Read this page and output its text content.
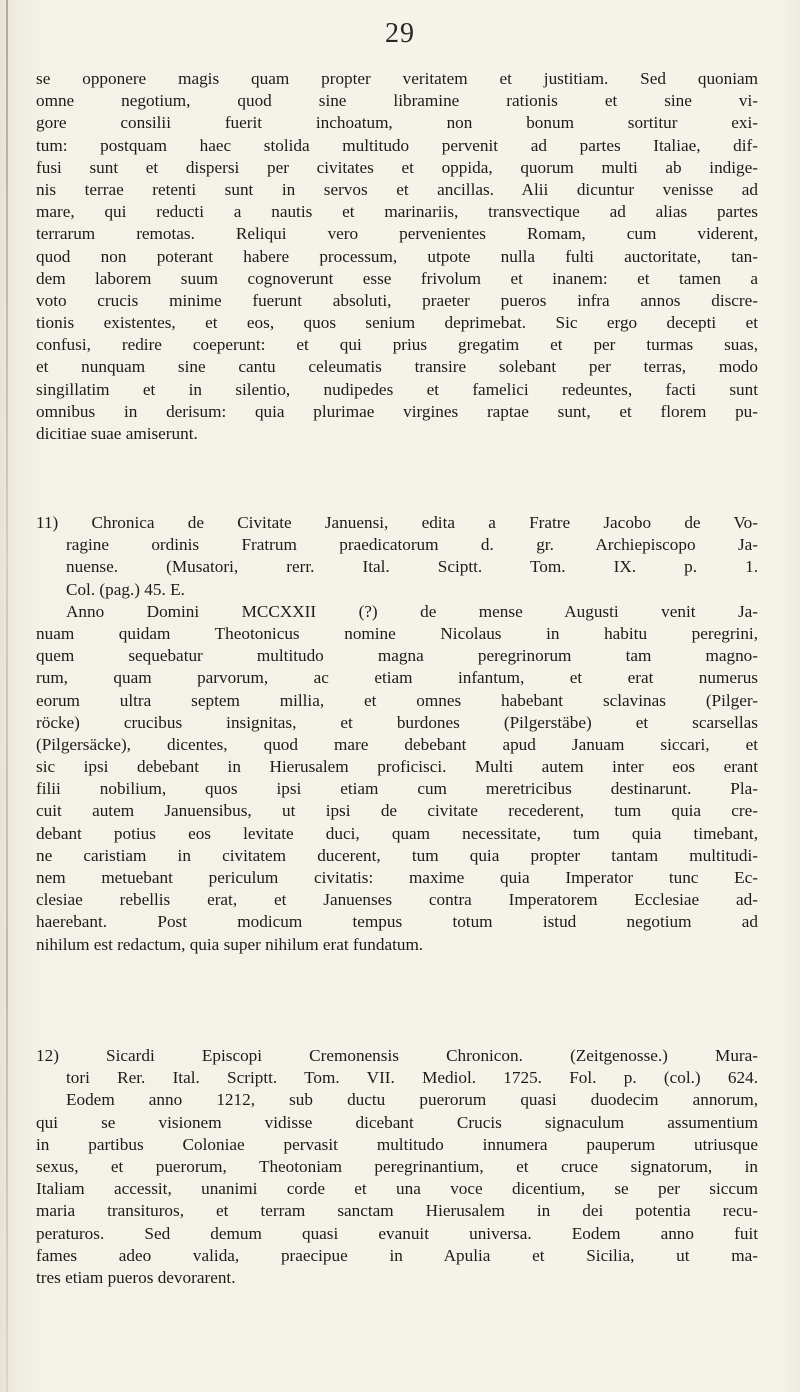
29
se opponere magis quam propter veritatem et justitiam. Sed quoniam
omne negotium, quod sine libramine rationis et sine vi-
gore consilii fuerit inchoatum, non bonum sortitur exi-
tum: postquam haec stolida multitudo pervenit ad partes Italiae, dif-
fusi sunt et dispersi per civitates et oppida, quorum multi ab indige-
nis terrae retenti sunt in servos et ancillas. Alii dicuntur venisse ad
mare, qui reducti a nautis et marinariis, transvectique ad alias partes
terrarum remotas. Reliqui vero pervenientes Romam, cum viderent,
quod non poterant habere processum, utpote nulla fulti auctoritate, tan-
dem laborem suum cognoverunt esse frivolum et inanem: et tamen a
voto crucis minime fuerunt absoluti, praeter pueros infra annos discre-
tionis existentes, et eos, quos senium deprimebat. Sic ergo decepti et
confusi, redire coeperunt: et qui prius gregatim et per turmas suas,
et nunquam sine cantu celeumatis transire solebant per terras, modo
singillatim et in silentio, nudipedes et famelici redeuntes, facti sunt
omnibus in derisum: quia plurimae virgines raptae sunt, et florem pu-
dicitiae suae amiserunt.
11) Chronica de Civitate Januensi, edita a Fratre Jacobo de Vo-
ragine ordinis Fratrum praedicatorum d. gr. Archiepiscopo Ja-
nuense. (Musatori, rerr. Ital. Sciptt. Tom. IX. p. 1.
Col. (pag.) 45. E.
Anno Domini MCCXXII (?) de mense Augusti venit Ja-
nuam quidam Theotonicus nomine Nicolaus in habitu peregrini,
quem sequebatur multitudo magna peregrinorum tam magno-
rum, quam parvorum, ac etiam infantum, et erat numerus
eorum ultra septem millia, et omnes habebant sclavinas (Pilger-
röcke) crucibus insignitas, et burdones (Pilgerstäbe) et scarsellas
(Pilgersäcke), dicentes, quod mare debebant apud Januam siccari, et
sic ipsi debebant in Hierusalem proficisci. Multi autem inter eos erant
filii nobilium, quos ipsi etiam cum meretricibus destinarunt. Pla-
cuit autem Januensibus, ut ipsi de civitate recederent, tum quia cre-
debant potius eos levitate duci, quam necessitate, tum quia timebant,
ne caristiam in civitatem ducerent, tum quia propter tantam multitudi-
nem metuebant periculum civitatis: maxime quia Imperator tunc Ec-
clesiae rebellis erat, et Januenses contra Imperatorem Ecclesiae ad-
haerebant. Post modicum tempus totum istud negotium ad
nihilum est redactum, quia super nihilum erat fundatum.
12) Sicardi Episcopi Cremonensis Chronicon. (Zeitgenosse.) Mura-
tori Rer. Ital. Scriptt. Tom. VII. Mediol. 1725. Fol. p. (col.) 624.
Eodem anno 1212, sub ductu puerorum quasi duodecim annorum,
qui se visionem vidisse dicebant Crucis signaculum assumentium
in partibus Coloniae pervasit multitudo innumera pauperum utriusque
sexus, et puerorum, Theotoniam peregrinantium, et cruce signatorum, in
Italiam accessit, unanimi corde et una voce dicentium, se per siccum
maria transituros, et terram sanctam Hierusalem in dei potentia recu-
peraturos. Sed demum quasi evanuit universa. Eodem anno fuit
fames adeo valida, praecipue in Apulia et Sicilia, ut ma-
tres etiam pueros devorarent.
